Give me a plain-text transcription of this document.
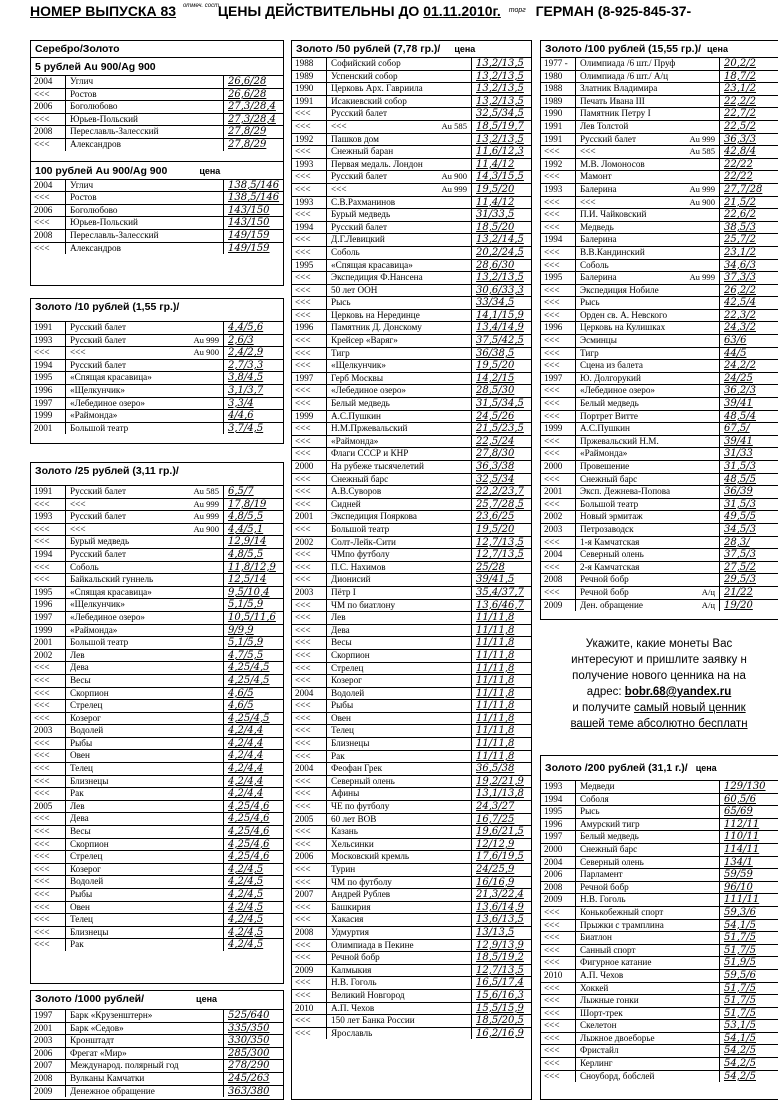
НОМЕР ВЫПУСКА 83 отмеч. сост. ЦЕНЫ ДЕЙСТВИТЕЛЬНЫ ДО 01.11.2010г. торг ГЕРМАН (8-925-845-37-
Серебро/Золото
5 рублей Au 900/Ag 900
2004	Углич	26,6/28
<<<	Ростов	26,6/28
2006	Боголюбово	27,3/28,4
<<<	Юрьев-Польский	27,3/28,4
2008	Переславль-Залесский	27,8/29
<<<	Александров	27,8/29
100 рублей Au 900/Ag 900	цена
2004	Углич	138,5/146
<<<	Ростов	138,5/146
2006	Боголюбово	143/150
<<<	Юрьев-Польский	143/150
2008	Переславль-Залесский	149/159
<<<	Александров	149/159
Золото /10 рублей (1,55 гр.)/
1991	Русский балет	4,4/5,6
1993	Русский балет	Au 999 2,6/3
<<<	<<<	Au 900 2,4/2,9
1994	Русский балет	2,7/3,3
1995	«Спящая красавица»	3,8/4,5
1996	«Щелкунчик»	3,1/3,7
1997	«Лебединое озеро»	3,3/4
1999	«Раймонда»	4/4,6
2001	Большой театр	3,7/4,5
Золото /25 рублей (3,11 гр.)/
1991	Русский балет	Au 585 6,5/7
<<<	<<<	Au 999 17,8/19
1993	Русский балет	Au 999 4,8/5,5
<<<	<<<	Au 900 4,4/5,1
<<<	Бурый медведь	12,9/14
1994	Русский балет	4,8/5,5
<<<	Соболь	11,8/12,9
<<<	Байкальский гуннель	12,5/14
1995	«Спящая красавица»	9,5/10,4
1996	«Щелкунчик»	5,1/5,9
1997	«Лебединое озеро»	10,5/11,6
1999	«Раймонда»	9/9,9
2001	Большой театр	5,1/5,9
2002	Лев	4,7/5,5
<<<	Дева	4,25/4,5
<<<	Весы	4,25/4,5
<<<	Скорпион	4,6/5
<<<	Стрелец	4,6/5
<<<	Козерог	4,25/4,5
2003	Водолей	4,2/4,4
<<<	Рыбы	4,2/4,4
<<<	Овен	4,2/4,4
<<<	Телец	4,2/4,4
<<<	Близнецы	4,2/4,4
<<<	Рак	4,2/4,4
2005	Лев	4,25/4,6
<<<	Дева	4,25/4,6
<<<	Весы	4,25/4,6
<<<	Скорпион	4,25/4,6
<<<	Стрелец	4,25/4,6
<<<	Козерог	4,2/4,5
<<<	Водолей	4,2/4,5
<<<	Рыбы	4,2/4,5
<<<	Овен	4,2/4,5
<<<	Телец	4,2/4,5
<<<	Близнецы	4,2/4,5
<<<	Рак	4,2/4,5
Золото /1000 рублей/	цена
1997	Барк «Крузенштерн»	525/640
2001	Барк «Седов»	335/350
2003	Кронштадт	330/350
2006	Фрегат «Мир»	285/300
2007	Международ. полярный год	278/290
2008	Вулканы Камчатки	245/263
2009	Денежное обращение	363/380
Золото /50 рублей (7,78 гр.)/ цена
1988	Софийский собор	13,2/13,5
1989	Успенский собор	13,2/13,5
1990	Церковь Арх. Гавриила	13,2/13,5
1991	Исакиевский собор	13,2/13,5
<<<	Русский балет	32,5/34,5
<<<	<<<	Au 585 18,5/19,7
1992	Пашков дом	13,2/13,5
<<<	Снежный баран	11,6/12,3
1993	Первая медаль. Лондон	11,4/12
<<<	Русский балет	Au 900 14,3/15,5
<<<	<<<	Au 999 19,5/20
1993	С.В.Рахманинов	11,4/12
<<<	Бурый медведь	31/33,5
1994	Русский балет	18,5/20
<<<	Д.Г.Левицкий	13,2/14,5
<<<	Соболь	20,2/24,5
1995	«Спящая красавица»	28,6/30
<<<	Экспедиция Ф.Нансена	13,2/13,5
<<<	50 лет ООН	30,6/33,3
<<<	Рысь	33/34,5
<<<	Церковь на Нерединце	14,1/15,9
1996	Памятник Д. Донскому	13,4/14,9
<<<	Крейсер «Варяг»	37,5/42,5
<<<	Тигр	36/38,5
<<<	«Щелкунчик»	19,5/20
1997	Герб Москвы	14,2/15
<<<	«Лебединое озеро»	28,5/30
<<<	Белый медведь	31,5/34,5
1999	А.С.Пушкин	24,5/26
<<<	Н.М.Пржевальский	21,5/23,5
<<<	«Раймонда»	22,5/24
<<<	Флаги СССР и КНР	27,8/30
2000	На рубеже тысячелетий	36,3/38
<<<	Снежный барс	32,5/34
<<<	А.В.Суворов	22,2/23,7
<<<	Сидней	25,7/28,5
2001	Экспедиция Пояркова	23,6/25
<<<	Большой театр	19,5/20
2002	Солт-Лейк-Сити	12,7/13,5
<<<	ЧМпо футболу	12,7/13,5
<<<	П.С. Нахимов	25/28
<<<	Дионисий	39/41,5
2003	Пётр I	35,4/37,7
<<<	ЧМ по биатлону	13,6/46,7
<<<	Лев	11/11,8
<<<	Дева	11/11,8
<<<	Весы	11/11,8
<<<	Скорпион	11/11,8
<<<	Стрелец	11/11,8
<<<	Козерог	11/11,8
2004	Водолей	11/11,8
<<<	Рыбы	11/11,8
<<<	Овен	11/11,8
<<<	Телец	11/11,8
<<<	Близнецы	11/11,8
<<<	Рак	11/11,8
2004	Феофан Грек	36,5/38
<<<	Северный олень	19,2/21,9
<<<	Афины	13,1/13,8
<<<	ЧЕ по футболу	24,3/27
2005	60 лет ВОВ	16,7/25
<<<	Казань	19,6/21,5
<<<	Хельсинки	12/12,9
2006	Московский кремль	17,6/19,5
<<<	Турин	24/25,9
<<<	ЧМ по футболу	16/16,9
2007	Андрей Рублев	21,3/22,4
<<<	Башкирия	13,6/14,9
<<<	Хакасия	13,6/13,5
2008	Удмуртия	13/13,5
<<<	Олимпиада в Пекине	12,9/13,9
<<<	Речной бобр	18,5/19,2
2009	Калмыкия	12,7/13,5
<<<	Н.В. Гоголь	16,5/17,4
<<<	Великий Новгород	15,6/16,3
2010	А.П. Чехов	15,5/15,9
<<<	150 лет Банка России	18,5/20,5
<<<	Ярославль	16,2/16,9
Золото /100 рублей (15,55 гр.)/ цена
1977 -	Олимпиада /6 шт./ Пруф	20,2/2
1980	Олимпиада /6 шт./ А/ц	18,7/2
1988	Златник Владимира	23,1/2
1989	Печать Ивана III	22,2/2
1990	Памятник Петру I	22,7/2
1991	Лев Толстой	22,5/2
1991	Русский балет	Au 999 36,3/3
<<<	<<<	Au 585 42,8/4
1992	М.В. Ломоносов	22/22
<<<	Мамонт	22/22
1993	Балерина	Au 999 27,7/28
<<<	<<<	Au 900 21,5/2
<<<	П.И. Чайковский	22,6/2
<<<	Медведь	38,5/3
1994	Балерина	25,7/2
<<<	В.В.Кандинский	23,1/2
<<<	Соболь	34,6/3
1995	Балерина	Au 999 37,3/3
<<<	Экспедиция Нобиле	26,2/2
<<<	Рысь	42,5/4
<<<	Орден св. А. Невского	22,3/2
1996	Церковь на Кулишках	24,3/2
<<<	Эсминцы	63/6
<<<	Тигр	44/5
<<<	Сцена из балета	24,2/2
1997	Ю. Долгорукий	24/25
<<<	«Лебединое озеро»	36,2/3
<<<	Белый медведь	39/41
<<<	Портрет Витте	48,5/4
1999	А.С.Пушкин	67,5/
<<<	Пржевальский Н.М.	39/41
<<<	«Раймонда»	31/33
2000	Провешение	31,5/3
<<<	Снежный барс	48,5/5
2001	Эксп. Дежнева-Попова	36/39
<<<	Большой театр	31,5/3
2002	Новый эрмитаж	49,5/5
2003	Петрозаводск	34,5/3
<<<	1-я Камчатская	28,3/
2004	Северный олень	37,5/3
<<<	2-я Камчатская	27,5/2
2008	Речной бобр	29,5/3
<<<	Речной бобр	А/ц 21/22
2009	Ден. обращение	А/ц 19/20
Укажите, какие монеты Вас
интересуют и пришлите заявку н
получение нового ценника на на
адрес: bobr.68@yandex.ru
и получите самый новый ценник
вашей теме абсолютно бесплатн
Золото /200 рублей (31,1 г.)/ цена
1993	Медведи	129/130
1994	Соболя	60,5/6
1995	Рысь	65/69
1996	Амурский тигр	112/11
1997	Белый медведь	110/11
2000	Снежный барс	114/11
2004	Северный олень	134/1
2006	Парламент	59/59
2008	Речной бобр	96/10
2009	Н.В. Гоголь	111/11
<<<	Конькобежный спорт	59,3/6
<<<	Прыжки с трамплина	54,1/5
<<<	Биатлон	51,7/5
<<<	Санный спорт	51,7/5
<<<	Фигурное катание	51,9/5
2010	А.П. Чехов	59,5/6
<<<	Хоккей	51,7/5
<<<	Лыжные гонки	51,7/5
<<<	Шорт-трек	51,7/5
<<<	Скелетон	53,1/5
<<<	Лыжное двоеборье	54,1/5
<<<	Фристайл	54,2/5
<<<	Керлинг	54,2/5
<<<	Сноуборд, бобслей	54,2/5
